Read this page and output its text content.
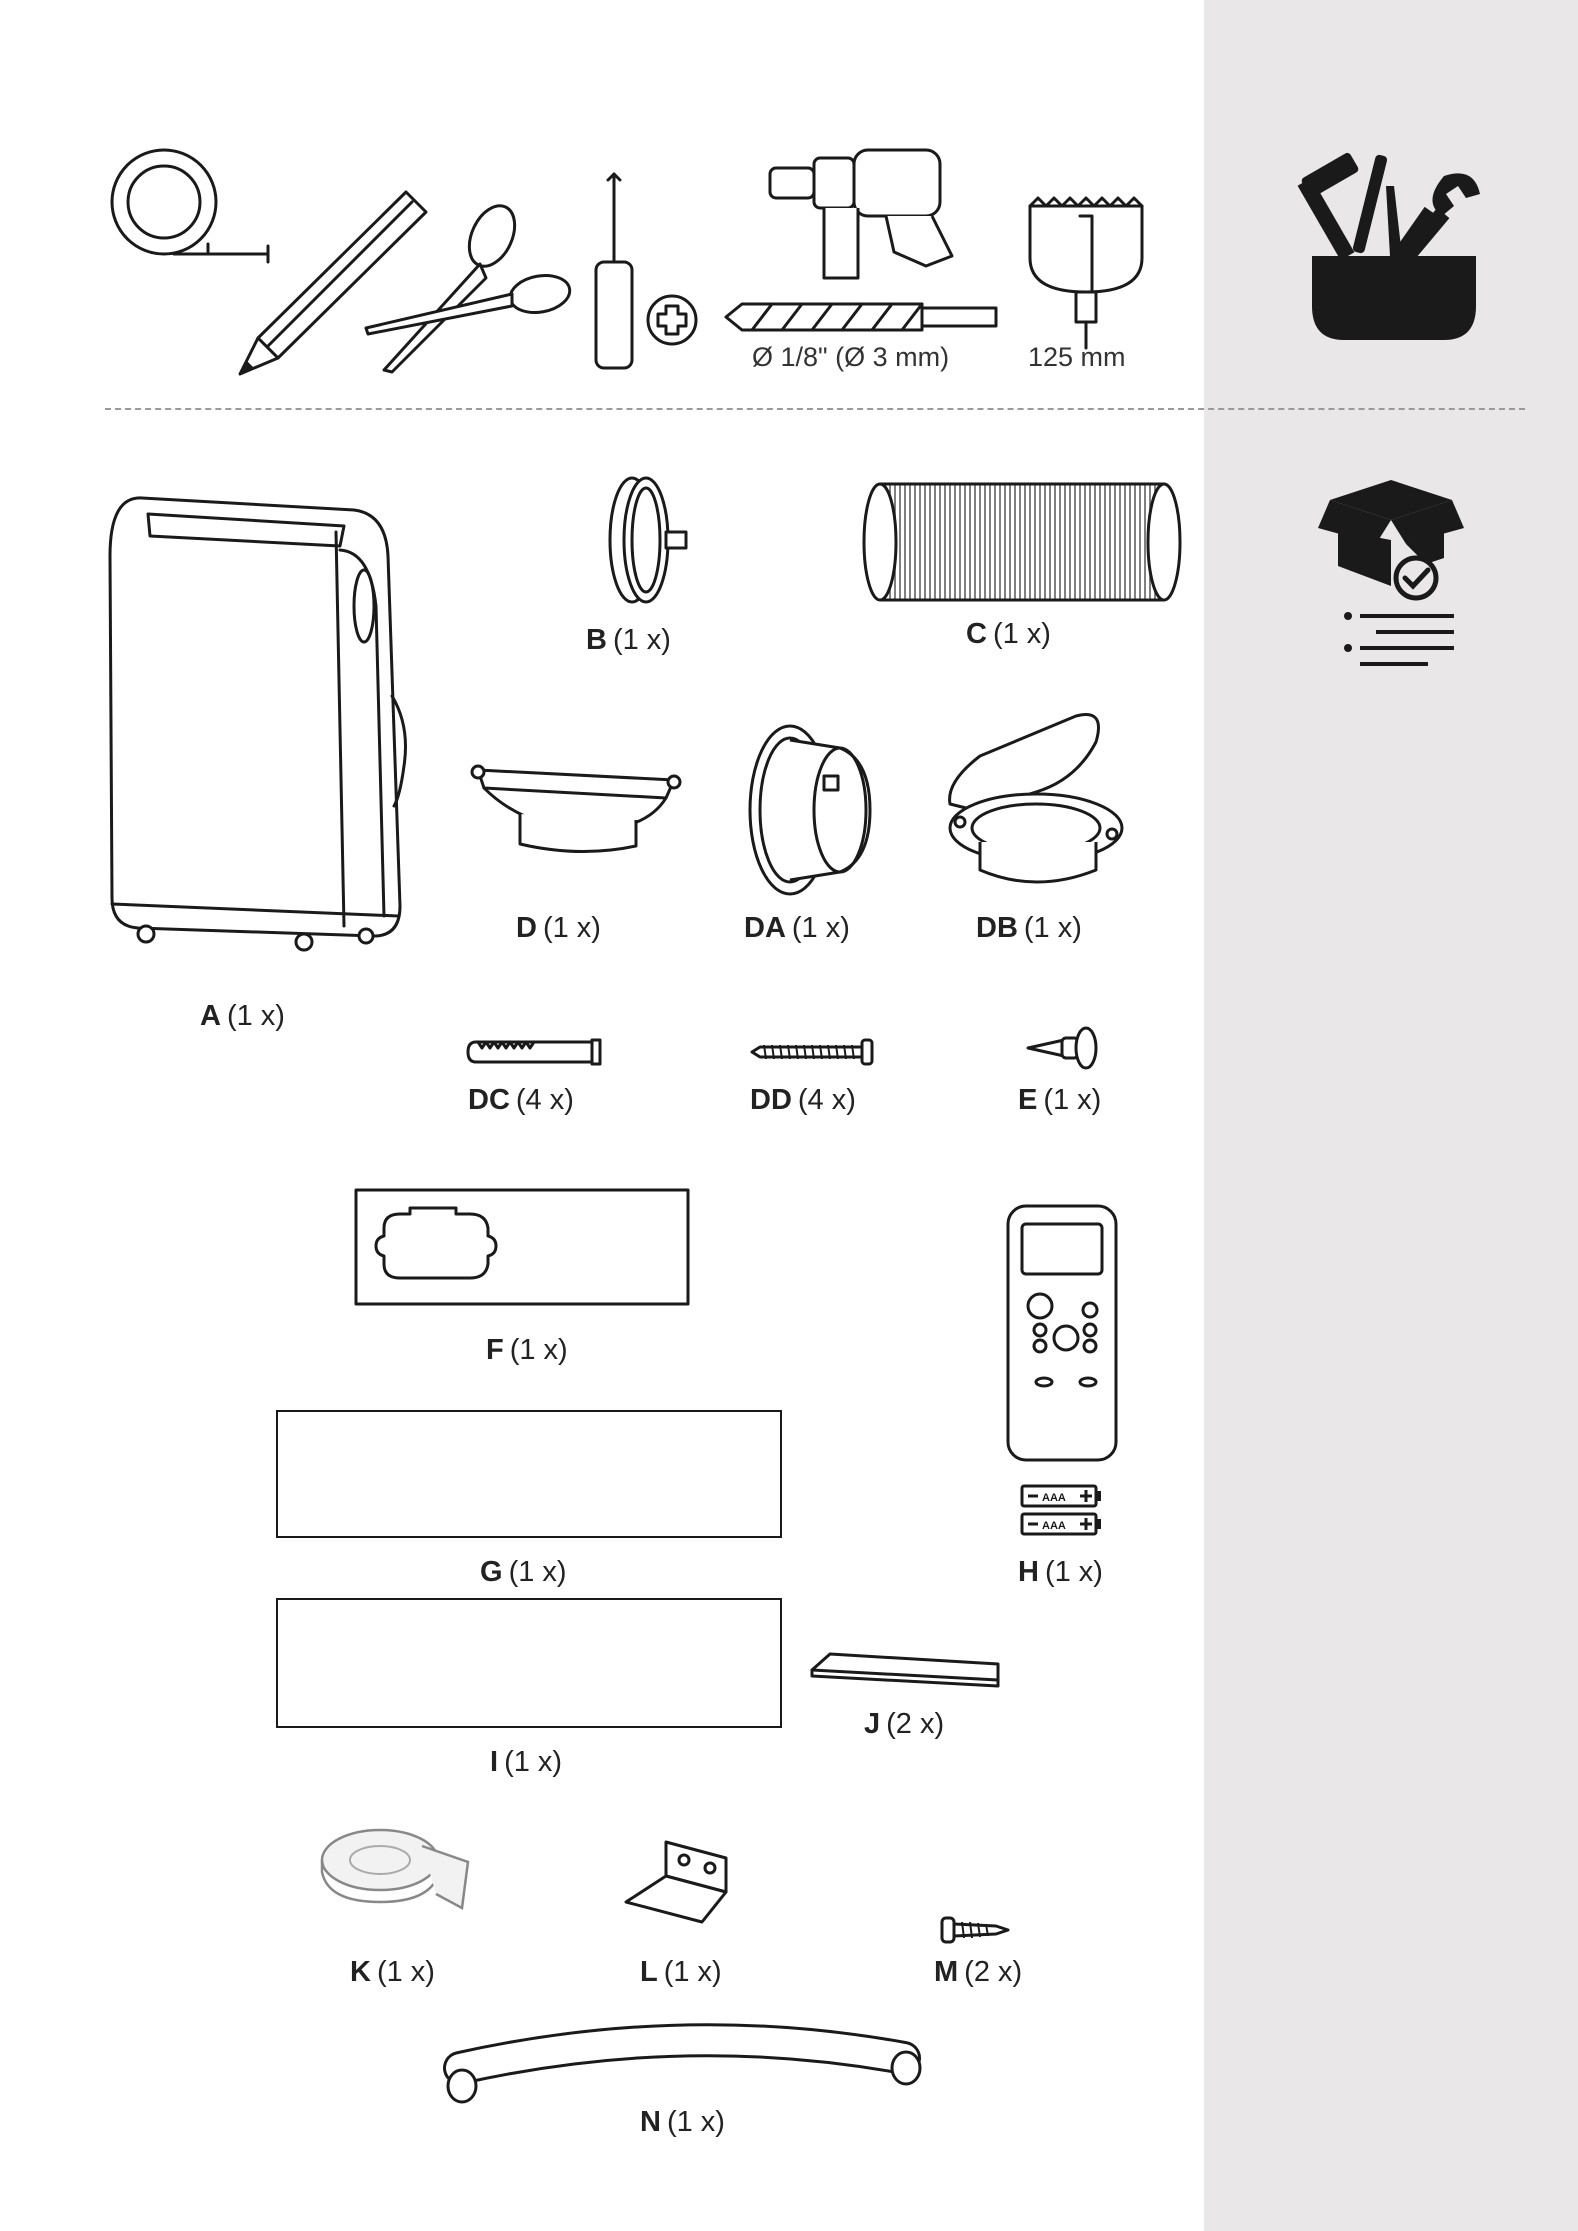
Ø 1/8" (Ø 3 mm)	125 mm
A (1 x)
B (1 x)	C (1 x)
D (1 x)	DA (1 x)	DB (1 x)
DC (4 x)	DD (4 x)	E (1 x)
F (1 x)
AAA
AAA
H (1 x)
G (1 x)
I (1 x)
J (2 x)
K (1 x)	L (1 x)	M (2 x)
N (1 x)
